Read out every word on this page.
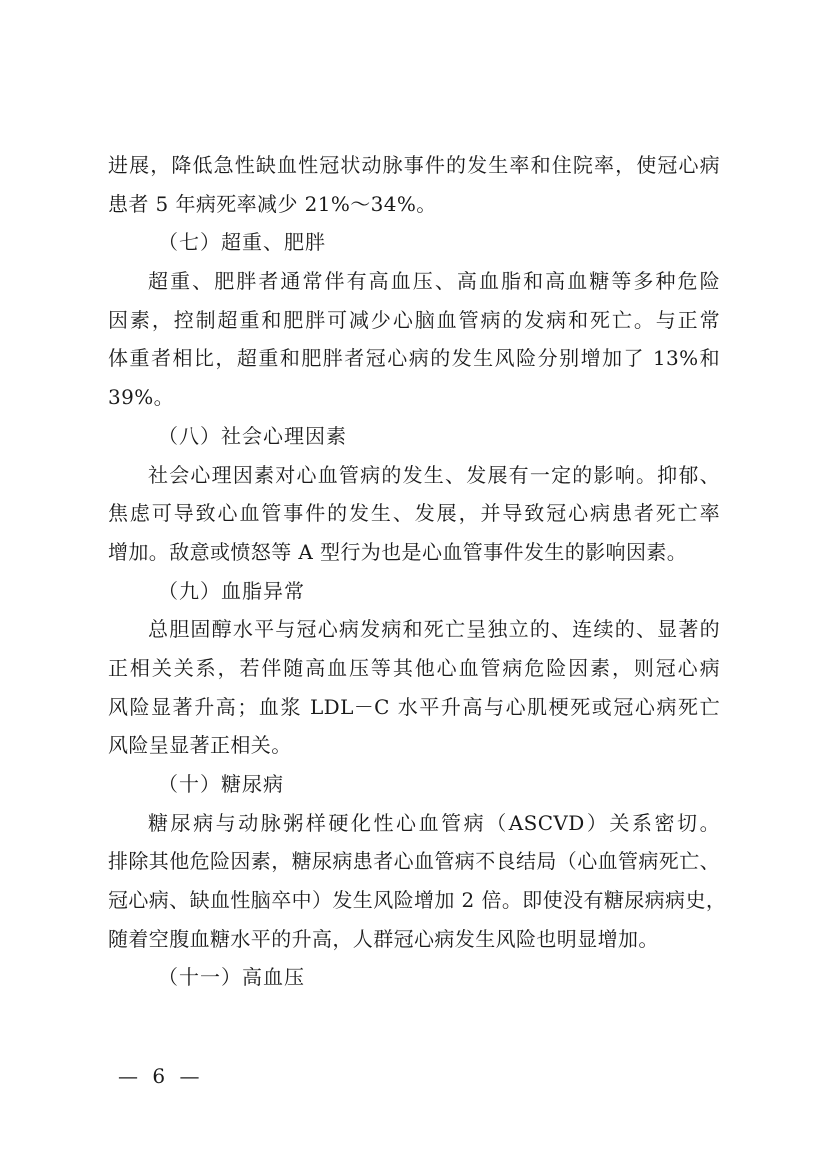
进展，降低急性缺血性冠状动脉事件的发生率和住院率，使冠心病
患者 5 年病死率减少 21%～34%。
（七）超重、肥胖
超重、肥胖者通常伴有高血压、高血脂和高血糖等多种危险
因素，控制超重和肥胖可减少心脑血管病的发病和死亡。与正常
体重者相比，超重和肥胖者冠心病的发生风险分别增加了 13%和
39%。
（八）社会心理因素
社会心理因素对心血管病的发生、发展有一定的影响。抑郁、
焦虑可导致心血管事件的发生、发展，并导致冠心病患者死亡率
增加。敌意或愤怒等 A 型行为也是心血管事件发生的影响因素。
（九）血脂异常
总胆固醇水平与冠心病发病和死亡呈独立的、连续的、显著的
正相关关系，若伴随高血压等其他心血管病危险因素，则冠心病
风险显著升高；血浆 LDL－C 水平升高与心肌梗死或冠心病死亡
风险呈显著正相关。
（十）糖尿病
糖尿病与动脉粥样硬化性心血管病（ASCVD）关系密切。
排除其他危险因素，糖尿病患者心血管病不良结局（心血管病死亡、
冠心病、缺血性脑卒中）发生风险增加 2 倍。即使没有糖尿病病史，
随着空腹血糖水平的升高，人群冠心病发生风险也明显增加。
（十一）高血压
— 6 —
